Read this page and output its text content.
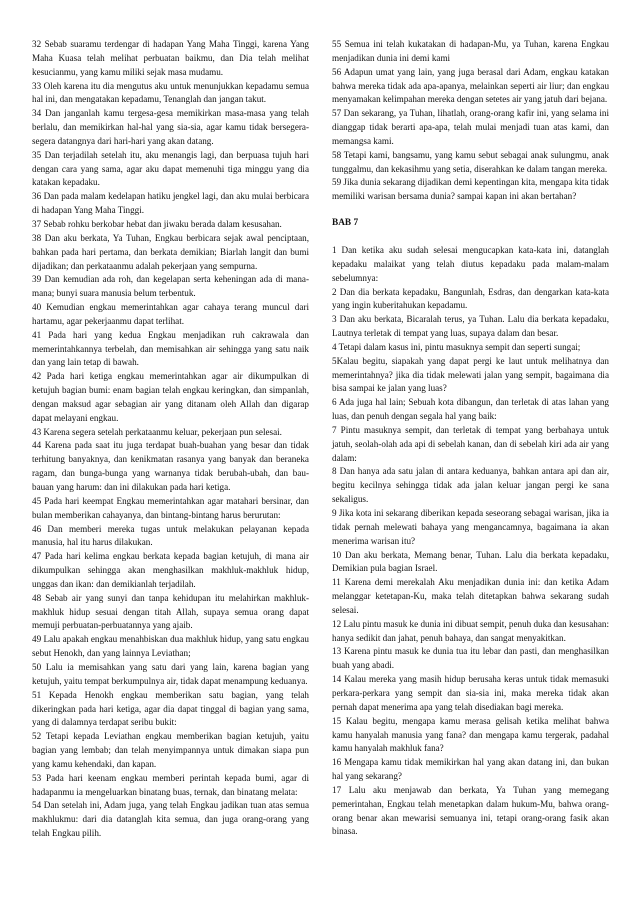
32 Sebab suaramu terdengar di hadapan Yang Maha Tinggi, karena Yang Maha Kuasa telah melihat perbuatan baikmu, dan Dia telah melihat kesucianmu, yang kamu miliki sejak masa mudamu.

33 Oleh karena itu dia mengutus aku untuk menunjukkan kepadamu semua hal ini, dan mengatakan kepadamu, Tenanglah dan jangan takut.

34 Dan janganlah kamu tergesa-gesa memikirkan masa-masa yang telah berlalu, dan memikirkan hal-hal yang sia-sia, agar kamu tidak bersegera-segera datangnya dari hari-hari yang akan datang.

35 Dan terjadilah setelah itu, aku menangis lagi, dan berpuasa tujuh hari dengan cara yang sama, agar aku dapat memenuhi tiga minggu yang dia katakan kepadaku.

36 Dan pada malam kedelapan hatiku jengkel lagi, dan aku mulai berbicara di hadapan Yang Maha Tinggi.

37 Sebab rohku berkobar hebat dan jiwaku berada dalam kesusahan.

38 Dan aku berkata, Ya Tuhan, Engkau berbicara sejak awal penciptaan, bahkan pada hari pertama, dan berkata demikian; Biarlah langit dan bumi dijadikan; dan perkataanmu adalah pekerjaan yang sempurna.

39 Dan kemudian ada roh, dan kegelapan serta keheningan ada di mana-mana; bunyi suara manusia belum terbentuk.

40 Kemudian engkau memerintahkan agar cahaya terang muncul dari hartamu, agar pekerjaanmu dapat terlihat.

41 Pada hari yang kedua Engkau menjadikan ruh cakrawala dan memerintahkannya terbelah, dan memisahkan air sehingga yang satu naik dan yang lain tetap di bawah.

42 Pada hari ketiga engkau memerintahkan agar air dikumpulkan di ketujuh bagian bumi: enam bagian telah engkau keringkan, dan simpanlah, dengan maksud agar sebagian air yang ditanam oleh Allah dan digarap dapat melayani engkau.

43 Karena segera setelah perkataanmu keluar, pekerjaan pun selesai.

44 Karena pada saat itu juga terdapat buah-buahan yang besar dan tidak terhitung banyaknya, dan kenikmatan rasanya yang banyak dan beraneka ragam, dan bunga-bunga yang warnanya tidak berubah-ubah, dan bau-bauan yang harum: dan ini dilakukan pada hari ketiga.

45 Pada hari keempat Engkau memerintahkan agar matahari bersinar, dan bulan memberikan cahayanya, dan bintang-bintang harus berurutan:

46 Dan memberi mereka tugas untuk melakukan pelayanan kepada manusia, hal itu harus dilakukan.

47 Pada hari kelima engkau berkata kepada bagian ketujuh, di mana air dikumpulkan sehingga akan menghasilkan makhluk-makhluk hidup, unggas dan ikan: dan demikianlah terjadilah.

48 Sebab air yang sunyi dan tanpa kehidupan itu melahirkan makhluk-makhluk hidup sesuai dengan titah Allah, supaya semua orang dapat memuji perbuatan-perbuatannya yang ajaib.

49 Lalu apakah engkau menahbiskan dua makhluk hidup, yang satu engkau sebut Henokh, dan yang lainnya Leviathan;

50 Lalu ia memisahkan yang satu dari yang lain, karena bagian yang ketujuh, yaitu tempat berkumpulnya air, tidak dapat menampung keduanya.

51 Kepada Henokh engkau memberikan satu bagian, yang telah dikeringkan pada hari ketiga, agar dia dapat tinggal di bagian yang sama, yang di dalamnya terdapat seribu bukit:

52 Tetapi kepada Leviathan engkau memberikan bagian ketujuh, yaitu bagian yang lembab; dan telah menyimpannya untuk dimakan siapa pun yang kamu kehendaki, dan kapan.

53 Pada hari keenam engkau memberi perintah kepada bumi, agar di hadapanmu ia mengeluarkan binatang buas, ternak, dan binatang melata:

54 Dan setelah ini, Adam juga, yang telah Engkau jadikan tuan atas semua makhlukmu: dari dia datanglah kita semua, dan juga orang-orang yang telah Engkau pilih.

55 Semua ini telah kukatakan di hadapan-Mu, ya Tuhan, karena Engkau menjadikan dunia ini demi kami

56 Adapun umat yang lain, yang juga berasal dari Adam, engkau katakan bahwa mereka tidak ada apa-apanya, melainkan seperti air liur; dan engkau menyamakan kelimpahan mereka dengan setetes air yang jatuh dari bejana.

57 Dan sekarang, ya Tuhan, lihatlah, orang-orang kafir ini, yang selama ini dianggap tidak berarti apa-apa, telah mulai menjadi tuan atas kami, dan memangsa kami.

58 Tetapi kami, bangsamu, yang kamu sebut sebagai anak sulungmu, anak tunggalmu, dan kekasihmu yang setia, diserahkan ke dalam tangan mereka.

59 Jika dunia sekarang dijadikan demi kepentingan kita, mengapa kita tidak memiliki warisan bersama dunia? sampai kapan ini akan bertahan?

BAB 7

1 Dan ketika aku sudah selesai mengucapkan kata-kata ini, datanglah kepadaku malaikat yang telah diutus kepadaku pada malam-malam sebelumnya:

2 Dan dia berkata kepadaku, Bangunlah, Esdras, dan dengarkan kata-kata yang ingin kuberitahukan kepadamu.

3 Dan aku berkata, Bicaralah terus, ya Tuhan. Lalu dia berkata kepadaku, Lautnya terletak di tempat yang luas, supaya dalam dan besar.

4 Tetapi dalam kasus ini, pintu masuknya sempit dan seperti sungai;

5Kalau begitu, siapakah yang dapat pergi ke laut untuk melihatnya dan memerintahnya? jika dia tidak melewati jalan yang sempit, bagaimana dia bisa sampai ke jalan yang luas?

6 Ada juga hal lain; Sebuah kota dibangun, dan terletak di atas lahan yang luas, dan penuh dengan segala hal yang baik:

7 Pintu masuknya sempit, dan terletak di tempat yang berbahaya untuk jatuh, seolah-olah ada api di sebelah kanan, dan di sebelah kiri ada air yang dalam:

8 Dan hanya ada satu jalan di antara keduanya, bahkan antara api dan air, begitu kecilnya sehingga tidak ada jalan keluar jangan pergi ke sana sekaligus.

9 Jika kota ini sekarang diberikan kepada seseorang sebagai warisan, jika ia tidak pernah melewati bahaya yang mengancamnya, bagaimana ia akan menerima warisan itu?

10 Dan aku berkata, Memang benar, Tuhan. Lalu dia berkata kepadaku, Demikian pula bagian Israel.

11 Karena demi merekalah Aku menjadikan dunia ini: dan ketika Adam melanggar ketetapan-Ku, maka telah ditetapkan bahwa sekarang sudah selesai.

12 Lalu pintu masuk ke dunia ini dibuat sempit, penuh duka dan kesusahan: hanya sedikit dan jahat, penuh bahaya, dan sangat menyakitkan.

13 Karena pintu masuk ke dunia tua itu lebar dan pasti, dan menghasilkan buah yang abadi.

14 Kalau mereka yang masih hidup berusaha keras untuk tidak memasuki perkara-perkara yang sempit dan sia-sia ini, maka mereka tidak akan pernah dapat menerima apa yang telah disediakan bagi mereka.

15 Kalau begitu, mengapa kamu merasa gelisah ketika melihat bahwa kamu hanyalah manusia yang fana? dan mengapa kamu tergerak, padahal kamu hanyalah makhluk fana?

16 Mengapa kamu tidak memikirkan hal yang akan datang ini, dan bukan hal yang sekarang?

17 Lalu aku menjawab dan berkata, Ya Tuhan yang memegang pemerintahan, Engkau telah menetapkan dalam hukum-Mu, bahwa orang-orang benar akan mewarisi semuanya ini, tetapi orang-orang fasik akan binasa.
